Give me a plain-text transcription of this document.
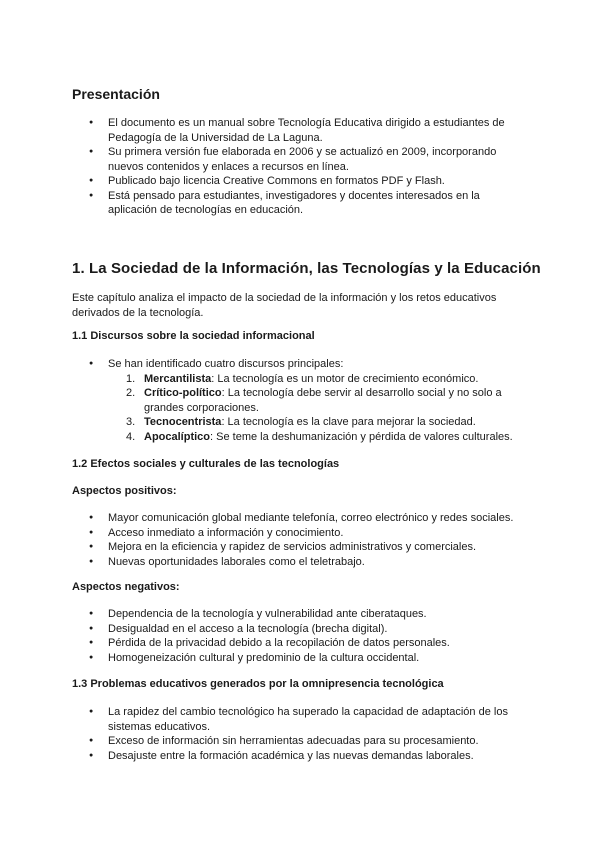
Presentación
● El documento es un manual sobre Tecnología Educativa dirigido a estudiantes de Pedagogía de la Universidad de La Laguna.
● Su primera versión fue elaborada en 2006 y se actualizó en 2009, incorporando nuevos contenidos y enlaces a recursos en línea.
● Publicado bajo licencia Creative Commons en formatos PDF y Flash.
● Está pensado para estudiantes, investigadores y docentes interesados en la aplicación de tecnologías en educación.
1. La Sociedad de la Información, las Tecnologías y la Educación

Este capítulo analiza el impacto de la sociedad de la información y los retos educativos derivados de la tecnología.

1.1 Discursos sobre la sociedad informacional
● Se han identificado cuatro discursos principales:
1. Mercantilista: La tecnología es un motor de crecimiento económico.
2. Crítico-político: La tecnología debe servir al desarrollo social y no solo a grandes corporaciones.
3. Tecnocentrista: La tecnología es la clave para mejorar la sociedad.
4. Apocalíptico: Se teme la deshumanización y pérdida de valores culturales.
1.2 Efectos sociales y culturales de las tecnologías
Aspectos positivos:
● Mayor comunicación global mediante telefonía, correo electrónico y redes sociales.
● Acceso inmediato a información y conocimiento.
● Mejora en la eficiencia y rapidez de servicios administrativos y comerciales.
● Nuevas oportunidades laborales como el teletrabajo.
Aspectos negativos:
● Dependencia de la tecnología y vulnerabilidad ante ciberataques.
● Desigualdad en el acceso a la tecnología (brecha digital).
● Pérdida de la privacidad debido a la recopilación de datos personales.
● Homogeneización cultural y predominio de la cultura occidental.
1.3 Problemas educativos generados por la omnipresencia tecnológica
● La rapidez del cambio tecnológico ha superado la capacidad de adaptación de los sistemas educativos.
● Exceso de información sin herramientas adecuadas para su procesamiento.
● Desajuste entre la formación académica y las nuevas demandas laborales.
